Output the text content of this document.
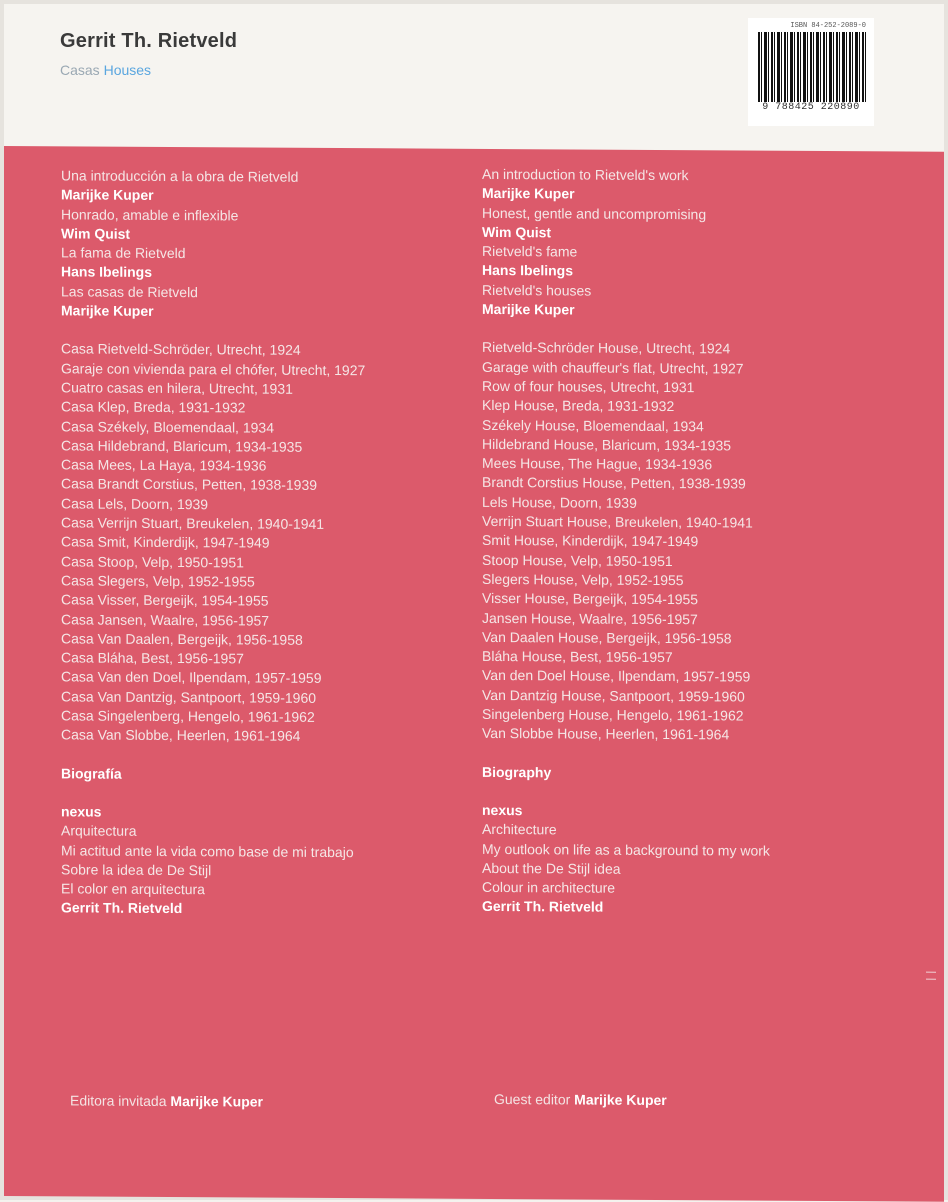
Gerrit Th. Rietveld
Casas Houses
ISBN 84-252-2089-0
9 788425 220890
Una introducción a la obra de Rietveld
Marijke Kuper
Honrado, amable e inflexible
Wim Quist
La fama de Rietveld
Hans Ibelings
Las casas de Rietveld
Marijke Kuper
Casa Rietveld-Schröder, Utrecht, 1924
Garaje con vivienda para el chófer, Utrecht, 1927
Cuatro casas en hilera, Utrecht, 1931
Casa Klep, Breda, 1931-1932
Casa Székely, Bloemendaal, 1934
Casa Hildebrand, Blaricum, 1934-1935
Casa Mees, La Haya, 1934-1936
Casa Brandt Corstius, Petten, 1938-1939
Casa Lels, Doorn, 1939
Casa Verrijn Stuart, Breukelen, 1940-1941
Casa Smit, Kinderdijk, 1947-1949
Casa Stoop, Velp, 1950-1951
Casa Slegers, Velp, 1952-1955
Casa Visser, Bergeijk, 1954-1955
Casa Jansen, Waalre, 1956-1957
Casa Van Daalen, Bergeijk, 1956-1958
Casa Bláha, Best, 1956-1957
Casa Van den Doel, Ilpendam, 1957-1959
Casa Van Dantzig, Santpoort, 1959-1960
Casa Singelenberg, Hengelo, 1961-1962
Casa Van Slobbe, Heerlen, 1961-1964
Biografía
nexus
Arquitectura
Mi actitud ante la vida como base de mi trabajo
Sobre la idea de De Stijl
El color en arquitectura
Gerrit Th. Rietveld
An introduction to Rietveld's work
Marijke Kuper
Honest, gentle and uncompromising
Wim Quist
Rietveld's fame
Hans Ibelings
Rietveld's houses
Marijke Kuper
Rietveld-Schröder House, Utrecht, 1924
Garage with chauffeur's flat, Utrecht, 1927
Row of four houses, Utrecht, 1931
Klep House, Breda, 1931-1932
Székely House, Bloemendaal, 1934
Hildebrand House, Blaricum, 1934-1935
Mees House, The Hague, 1934-1936
Brandt Corstius House, Petten, 1938-1939
Lels House, Doorn, 1939
Verrijn Stuart House, Breukelen, 1940-1941
Smit House, Kinderdijk, 1947-1949
Stoop House, Velp, 1950-1951
Slegers House, Velp, 1952-1955
Visser House, Bergeijk, 1954-1955
Jansen House, Waalre, 1956-1957
Van Daalen House, Bergeijk, 1956-1958
Bláha House, Best, 1956-1957
Van den Doel House, Ilpendam, 1957-1959
Van Dantzig House, Santpoort, 1959-1960
Singelenberg House, Hengelo, 1961-1962
Van Slobbe House, Heerlen, 1961-1964
Biography
nexus
Architecture
My outlook on life as a background to my work
About the De Stijl idea
Colour in architecture
Gerrit Th. Rietveld
Editora invitada Marijke Kuper	Guest editor Marijke Kuper
